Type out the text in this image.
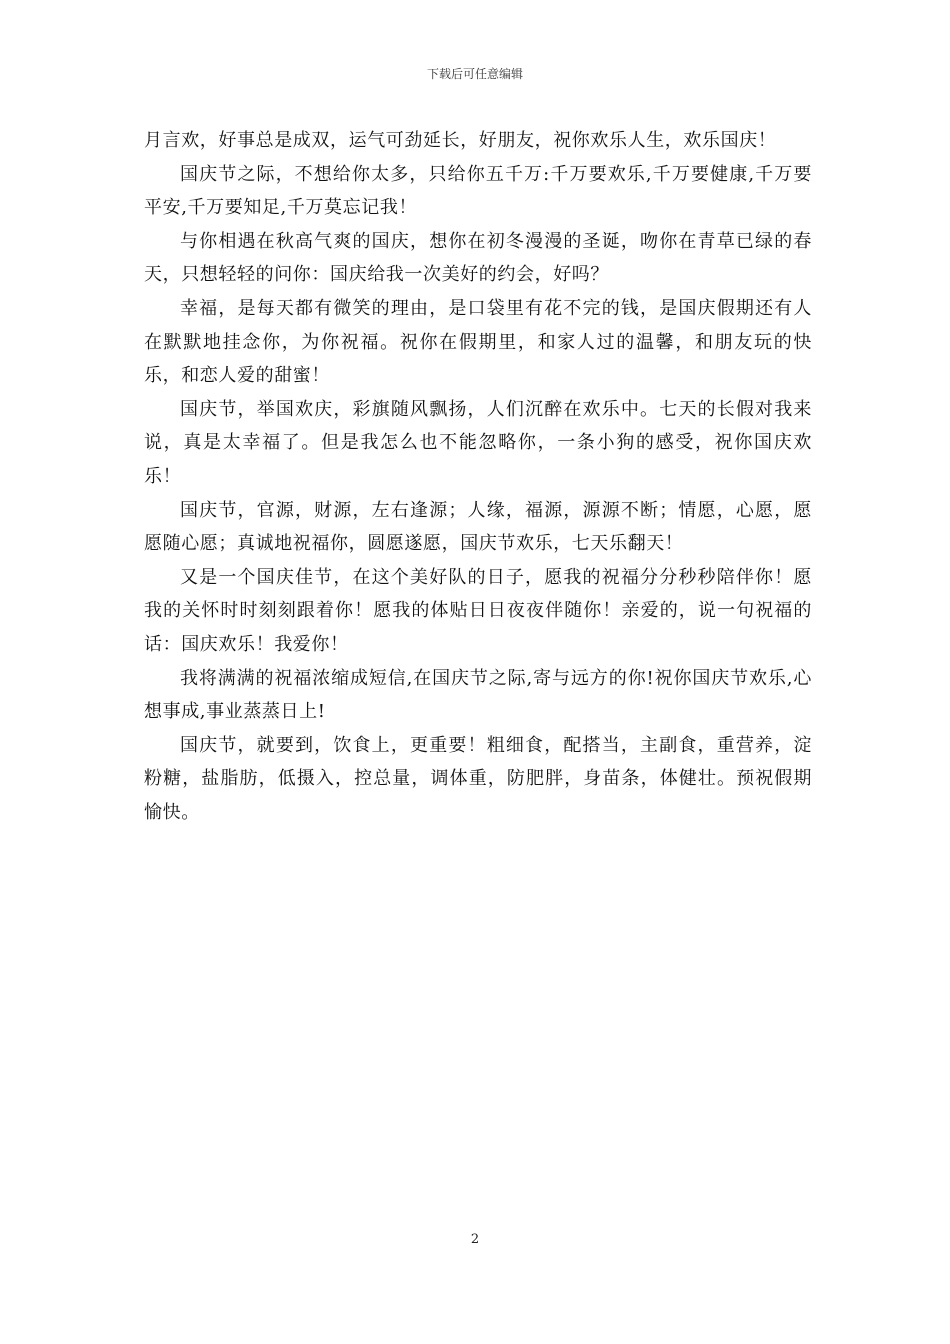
下载后可任意编辑

月言欢，好事总是成双，运气可劲延长，好朋友，祝你欢乐人生，欢乐国庆！

国庆节之际，不想给你太多，只给你五千万:千万要欢乐,千万要健康,千万要平安,千万要知足,千万莫忘记我！

与你相遇在秋高气爽的国庆，想你在初冬漫漫的圣诞，吻你在青草已绿的春天，只想轻轻的问你：国庆给我一次美好的约会，好吗？

幸福，是每天都有微笑的理由，是口袋里有花不完的钱，是国庆假期还有人在默默地挂念你，为你祝福。祝你在假期里，和家人过的温馨，和朋友玩的快乐，和恋人爱的甜蜜！

国庆节，举国欢庆，彩旗随风飘扬，人们沉醉在欢乐中。七天的长假对我来说，真是太幸福了。但是我怎么也不能忽略你，一条小狗的感受，祝你国庆欢乐！

国庆节，官源，财源，左右逢源；人缘，福源，源源不断；情愿，心愿，愿愿随心愿；真诚地祝福你，圆愿遂愿，国庆节欢乐，七天乐翻天！

又是一个国庆佳节，在这个美好队的日子，愿我的祝福分分秒秒陪伴你！愿我的关怀时时刻刻跟着你！愿我的体贴日日夜夜伴随你！亲爱的，说一句祝福的话：国庆欢乐！我爱你！

我将满满的祝福浓缩成短信,在国庆节之际,寄与远方的你!祝你国庆节欢乐,心想事成,事业蒸蒸日上!

国庆节，就要到，饮食上，更重要！粗细食，配搭当，主副食，重营养，淀粉糖，盐脂肪，低摄入，控总量，调体重，防肥胖，身苗条，体健壮。预祝假期愉快。

2
